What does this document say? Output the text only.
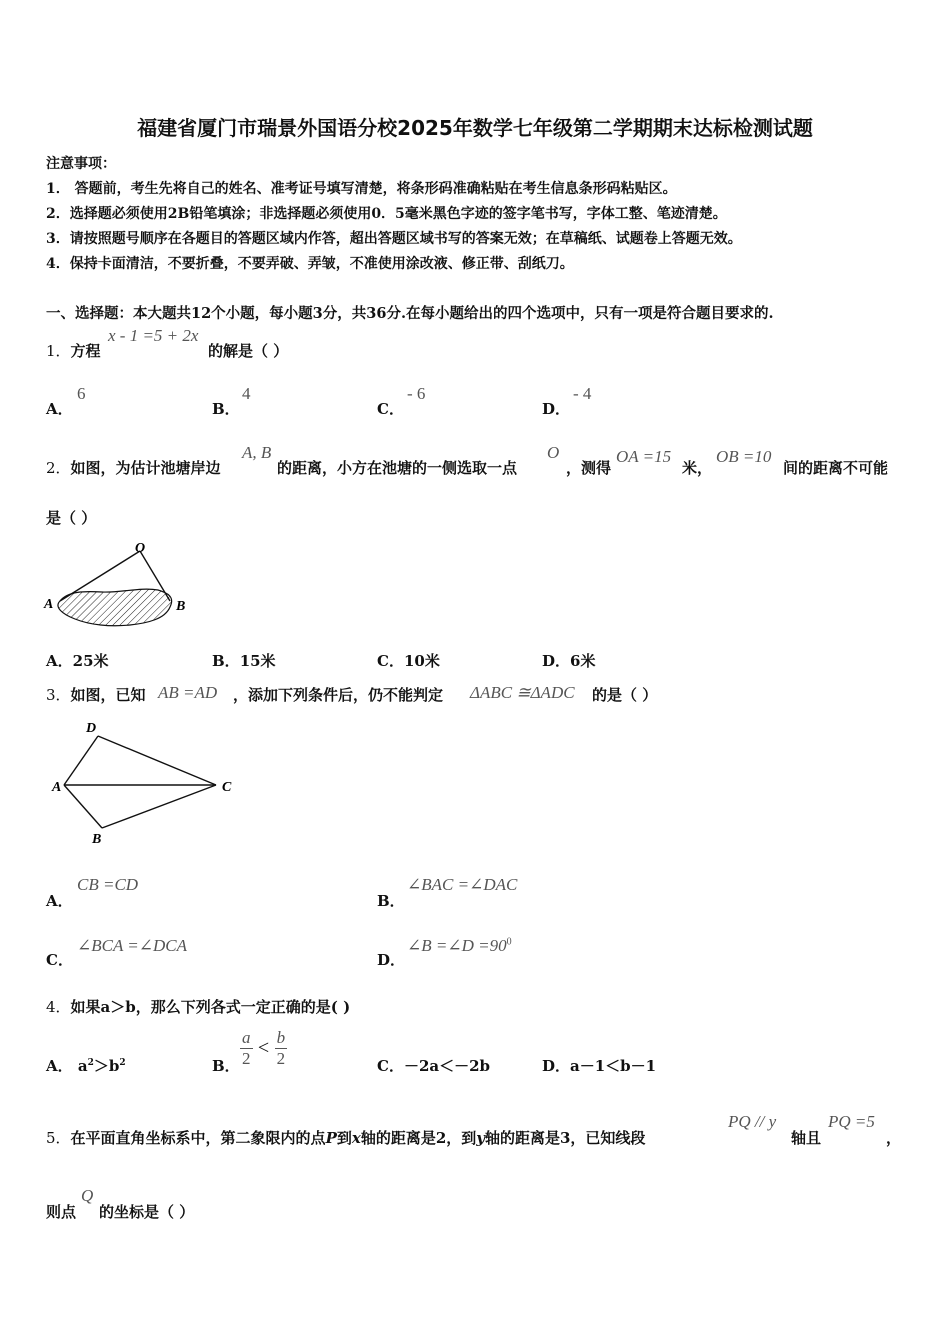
福建省厦门市瑞景外国语分校2025年数学七年级第二学期期末达标检测试题
注意事项：
1． 答题前，考生先将自己的姓名、准考证号填写清楚，将条形码准确粘贴在考生信息条形码粘贴区。
2．选择题必须使用2B铅笔填涂；非选择题必须使用0．5毫米黑色字迹的签字笔书写，字体工整、笔迹清楚。
3．请按照题号顺序在各题目的答题区域内作答，超出答题区域书写的答案无效；在草稿纸、试题卷上答题无效。
4．保持卡面清洁，不要折叠，不要弄破、弄皱，不准使用涂改液、修正带、刮纸刀。
一、选择题：本大题共12个小题，每小题3分，共36分.在每小题给出的四个选项中，只有一项是符合题目要求的.
1．方程
x - 1 =5 + 2x
的解是（ ）
A．
6
B．
4
C．
- 6
D．
- 4
2．如图，为估计池塘岸边
A, B
的距离，小方在池塘的一侧选取一点
O
，测得
OA =15
米，
OB =10
间的距离不可能
是（ ）
O
A	B
A．25米	B．15米	C．10米	D．6米
3．如图，已知 AB =AD ，添加下列条件后，仍不能判定 ΔABC ≅ΔADC 的是（ ）
D
A	C
B
A．
CB =CD
B．
∠BAC =∠DAC
C．
∠BCA =∠DCA
D．
∠B =∠D $=90^0$
4．如果a＞b，那么下列各式一定正确的是( )
A． $a^2>b^2$	B． $\frac{a}{2} < \frac{b}{2}$	C．－2a＜－2b	D．a－1＜b－1
5．在平面直角坐标系中，第二象限内的点P到x轴的距离是2，到y轴的距离是3，已知线段
PQ // y
轴且
PQ =5
，
则点
Q
的坐标是（ ）
